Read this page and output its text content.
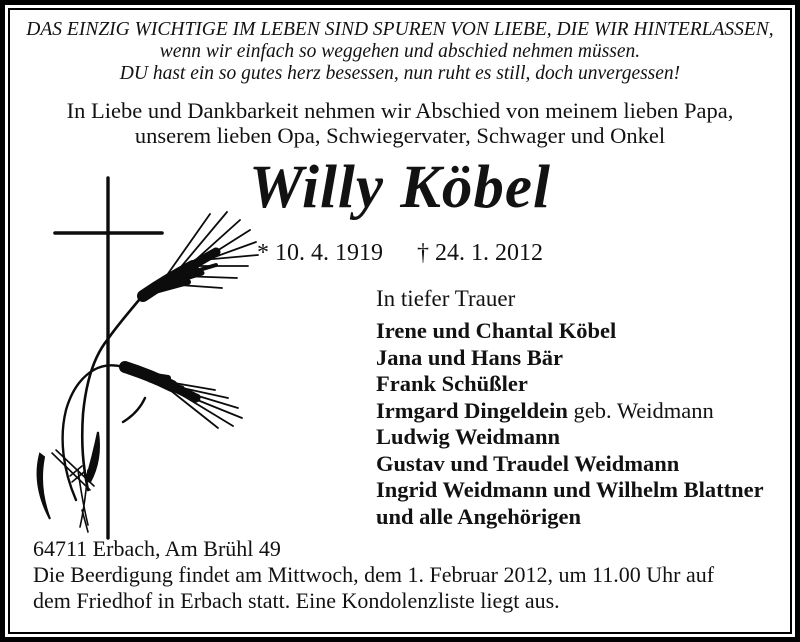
DAS EINZIG WICHTIGE IM LEBEN SIND SPUREN VON LIEBE, DIE WIR HINTERLASSEN,
wenn wir einfach so weggehen und abschied nehmen müssen.
DU hast ein so gutes herz besessen, nun ruht es still, doch unvergessen!
In Liebe und Dankbarkeit nehmen wir Abschied von meinem lieben Papa,
unserem lieben Opa, Schwiegervater, Schwager und Onkel
Willy Köbel
* 10. 4. 1919 † 24. 1. 2012
In tiefer Trauer
Irene und Chantal Köbel
Jana und Hans Bär
Frank Schüßler
Irmgard Dingeldein geb. Weidmann
Ludwig Weidmann
Gustav und Traudel Weidmann
Ingrid Weidmann und Wilhelm Blattner
und alle Angehörigen
64711 Erbach, Am Brühl 49
Die Beerdigung findet am Mittwoch, dem 1. Februar 2012, um 11.00 Uhr auf
dem Friedhof in Erbach statt. Eine Kondolenzliste liegt aus.
